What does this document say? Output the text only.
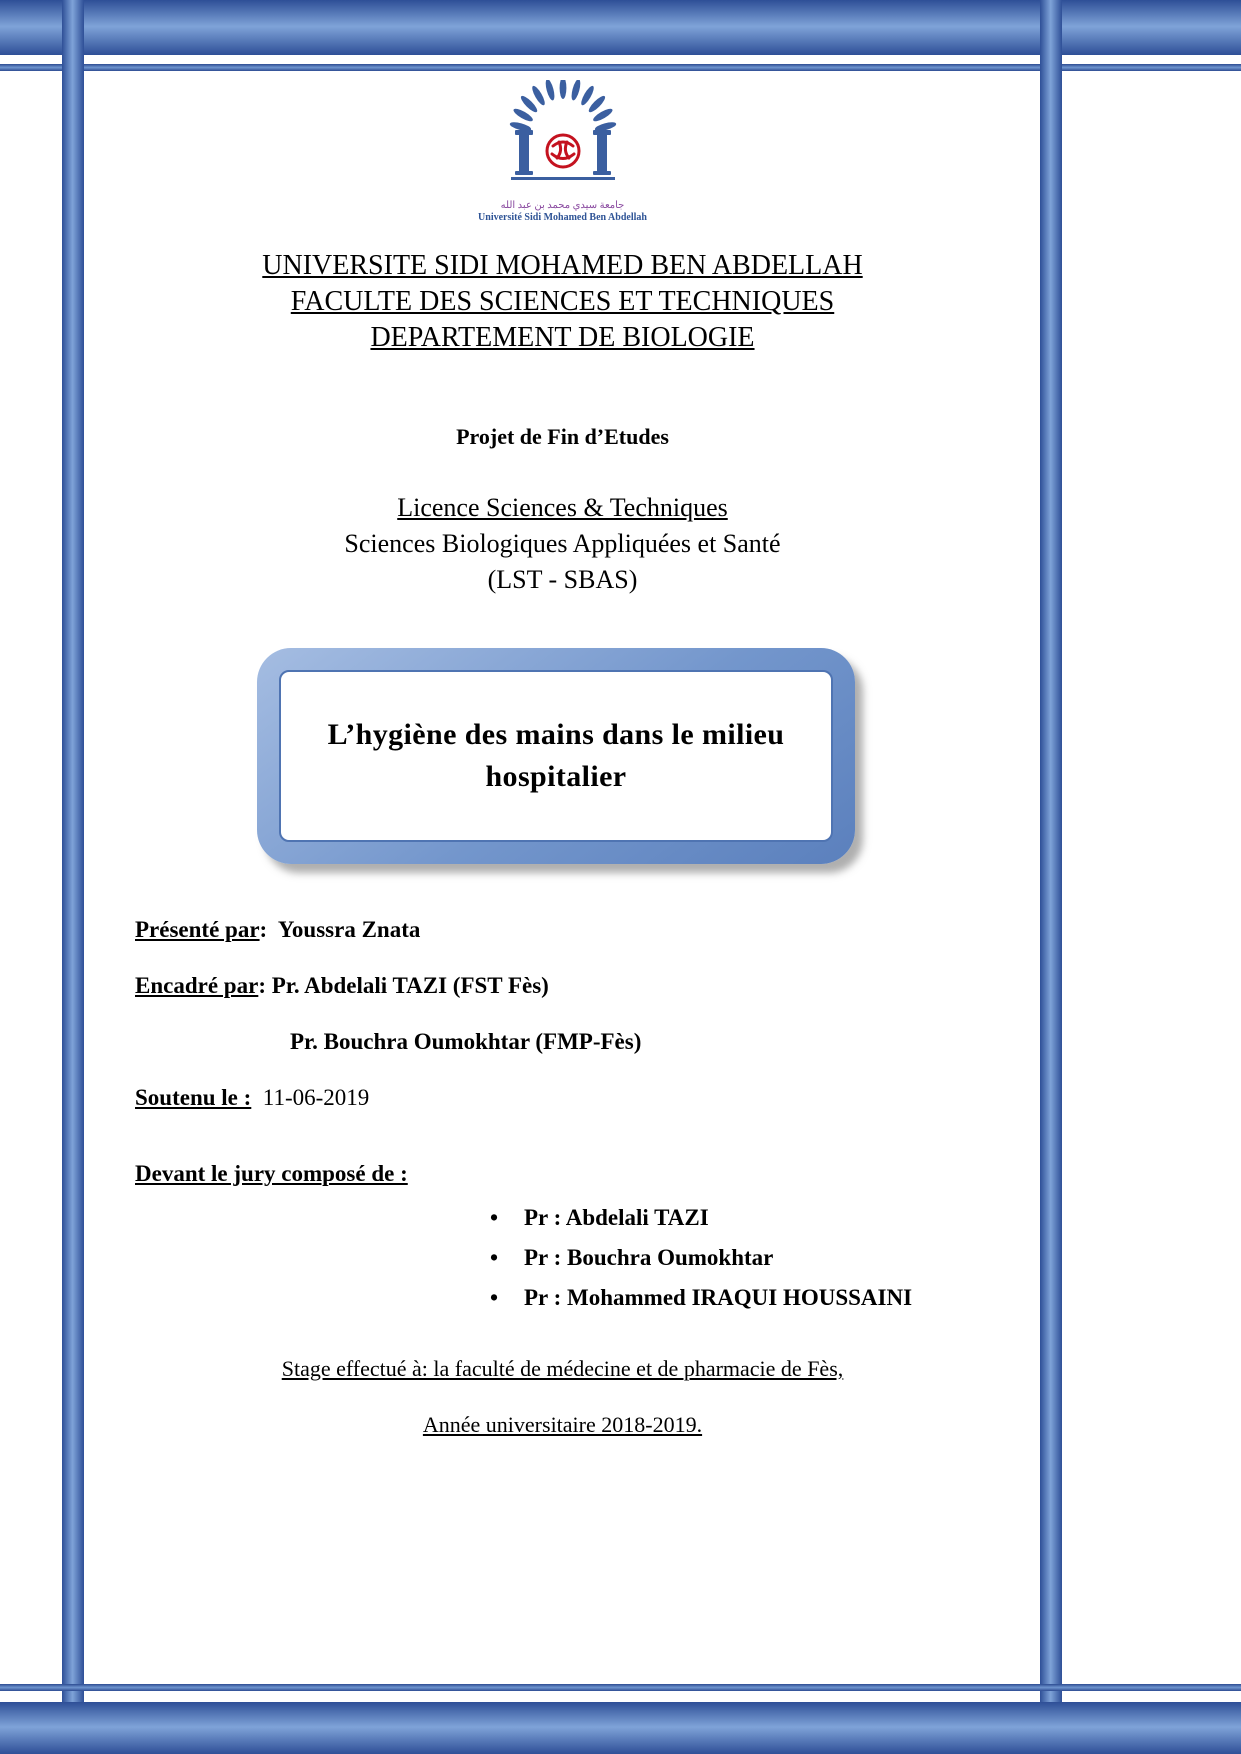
جامعة سيدي محمد بن عبد الله
Université Sidi Mohamed Ben Abdellah
UNIVERSITE SIDI MOHAMED BEN ABDELLAH
FACULTE DES SCIENCES ET TECHNIQUES
DEPARTEMENT DE BIOLOGIE
Projet de Fin d’Etudes
Licence Sciences & Techniques
Sciences Biologiques Appliquées et Santé
(LST - SBAS)
L’hygiène des mains dans le milieu
hospitalier
Présenté par:  Youssra Znata
Encadré par: Pr. Abdelali TAZI (FST Fès)
Pr. Bouchra Oumokhtar (FMP-Fès)
Soutenu le :  11-06-2019
Devant le jury composé de :
• Pr : Abdelali TAZI
• Pr : Bouchra Oumokhtar
• Pr : Mohammed IRAQUI HOUSSAINI
Stage effectué à: la faculté de médecine et de pharmacie de Fès,
Année universitaire 2018-2019.
